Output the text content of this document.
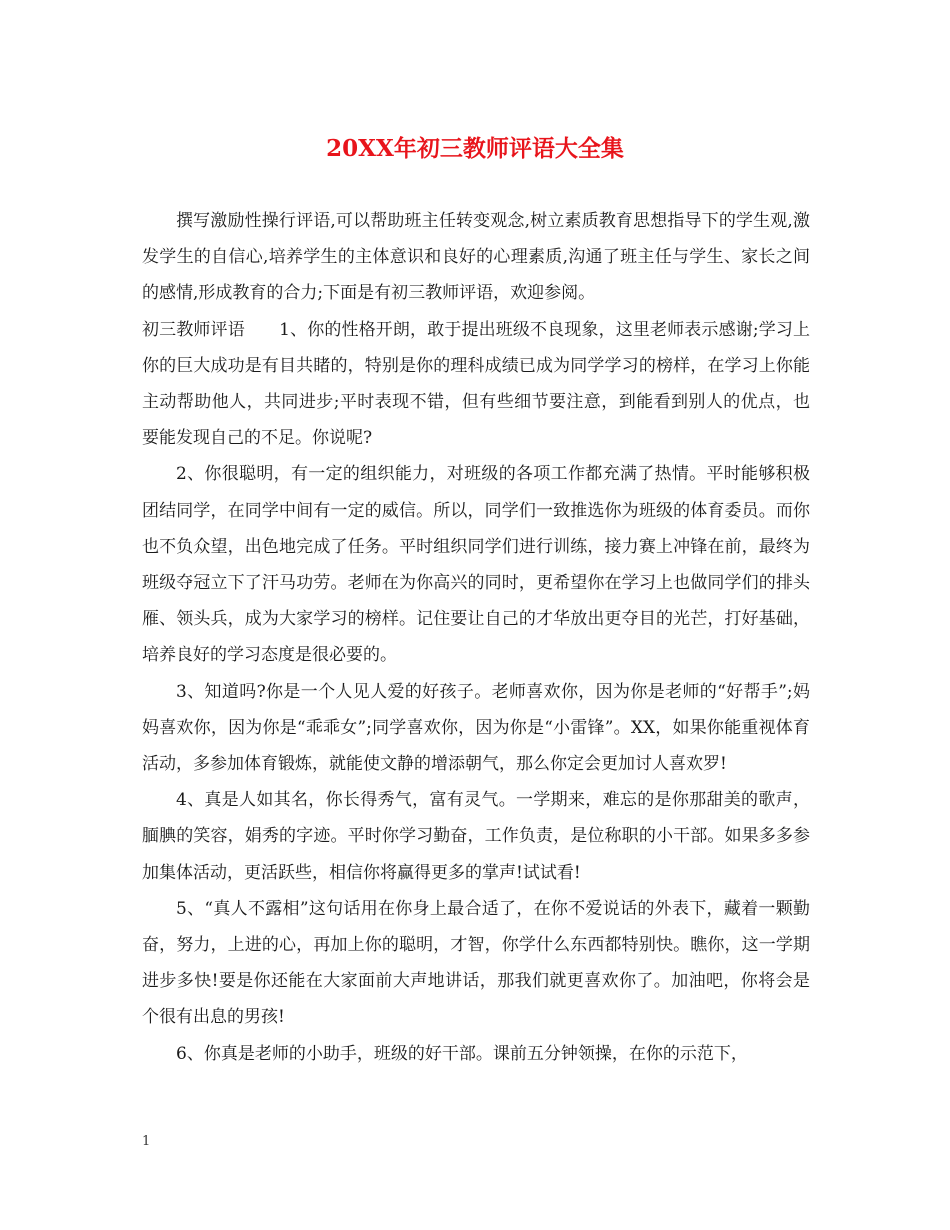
20XX年初三教师评语大全集

撰写激励性操行评语,可以帮助班主任转变观念,树立素质教育思想指导下的学生观,激发学生的自信心,培养学生的主体意识和良好的心理素质,沟通了班主任与学生、家长之间的感情,形成教育的合力;下面是有初三教师评语，欢迎参阅。

初三教师评语　　1、你的性格开朗，敢于提出班级不良现象，这里老师表示感谢;学习上你的巨大成功是有目共睹的，特别是你的理科成绩已成为同学学习的榜样，在学习上你能主动帮助他人，共同进步;平时表现不错，但有些细节要注意，到能看到别人的优点，也要能发现自己的不足。你说呢?

2、你很聪明，有一定的组织能力，对班级的各项工作都充满了热情。平时能够积极团结同学，在同学中间有一定的威信。所以，同学们一致推选你为班级的体育委员。而你也不负众望，出色地完成了任务。平时组织同学们进行训练，接力赛上冲锋在前，最终为班级夺冠立下了汗马功劳。老师在为你高兴的同时，更希望你在学习上也做同学们的排头雁、领头兵，成为大家学习的榜样。记住要让自己的才华放出更夺目的光芒，打好基础，培养良好的学习态度是很必要的。

3、知道吗?你是一个人见人爱的好孩子。老师喜欢你，因为你是老师的“好帮手”;妈妈喜欢你，因为你是“乖乖女”;同学喜欢你，因为你是“小雷锋”。XX，如果你能重视体育活动，多参加体育锻炼，就能使文静的增添朝气，那么你定会更加讨人喜欢罗!

4、真是人如其名，你长得秀气，富有灵气。一学期来，难忘的是你那甜美的歌声，腼腆的笑容，娟秀的字迹。平时你学习勤奋，工作负责，是位称职的小干部。如果多多参加集体活动，更活跃些，相信你将赢得更多的掌声!试试看!

5、“真人不露相”这句话用在你身上最合适了，在你不爱说话的外表下，藏着一颗勤奋，努力，上进的心，再加上你的聪明，才智，你学什么东西都特别快。瞧你，这一学期进步多快!要是你还能在大家面前大声地讲话，那我们就更喜欢你了。加油吧，你将会是个很有出息的男孩!

6、你真是老师的小助手，班级的好干部。课前五分钟领操，在你的示范下，

1
